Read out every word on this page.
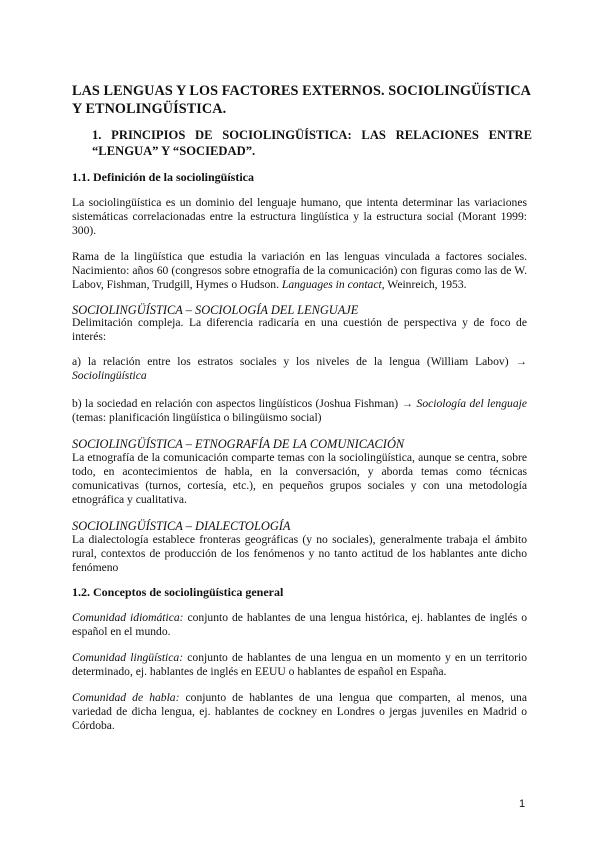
LAS LENGUAS Y LOS FACTORES EXTERNOS. SOCIOLINGÜÍSTICA Y ETNOLINGÜÍSTICA.
1. PRINCIPIOS DE SOCIOLINGÜÍSTICA: LAS RELACIONES ENTRE “LENGUA” Y “SOCIEDAD”.
1.1. Definición de la sociolingüística
La sociolingüística es un dominio del lenguaje humano, que intenta determinar las variaciones sistemáticas correlacionadas entre la estructura lingüística y la estructura social (Morant 1999: 300).
Rama de la lingüística que estudia la variación en las lenguas vinculada a factores sociales. Nacimiento: años 60 (congresos sobre etnografía de la comunicación) con figuras como las de W. Labov, Fishman, Trudgill, Hymes o Hudson. Languages in contact, Weinreich, 1953.
SOCIOLINGÜÍSTICA – SOCIOLOGÍA DEL LENGUAJE
Delimitación compleja. La diferencia radicaría en una cuestión de perspectiva y de foco de interés:
a) la relación entre los estratos sociales y los niveles de la lengua (William Labov) → Sociolingüística
b) la sociedad en relación con aspectos lingüísticos (Joshua Fishman) → Sociología del lenguaje (temas: planificación lingüística o bilingüismo social)
SOCIOLINGÜÍSTICA – ETNOGRAFÍA DE LA COMUNICACIÓN
La etnografía de la comunicación comparte temas con la sociolingüística, aunque se centra, sobre todo, en acontecimientos de habla, en la conversación, y aborda temas como técnicas comunicativas (turnos, cortesía, etc.), en pequeños grupos sociales y con una metodología etnográfica y cualitativa.
SOCIOLINGÜÍSTICA – DIALECTOLOGÍA
La dialectología establece fronteras geográficas (y no sociales), generalmente trabaja el ámbito rural, contextos de producción de los fenómenos y no tanto actitud de los hablantes ante dicho fenómeno
1.2. Conceptos de sociolingüística general
Comunidad idiomática: conjunto de hablantes de una lengua histórica, ej. hablantes de inglés o español en el mundo.
Comunidad lingüística: conjunto de hablantes de una lengua en un momento y en un territorio determinado, ej. hablantes de inglés en EEUU o hablantes de español en España.
Comunidad de habla: conjunto de hablantes de una lengua que comparten, al menos, una variedad de dicha lengua, ej. hablantes de cockney en Londres o jergas juveniles en Madrid o Córdoba.
1
